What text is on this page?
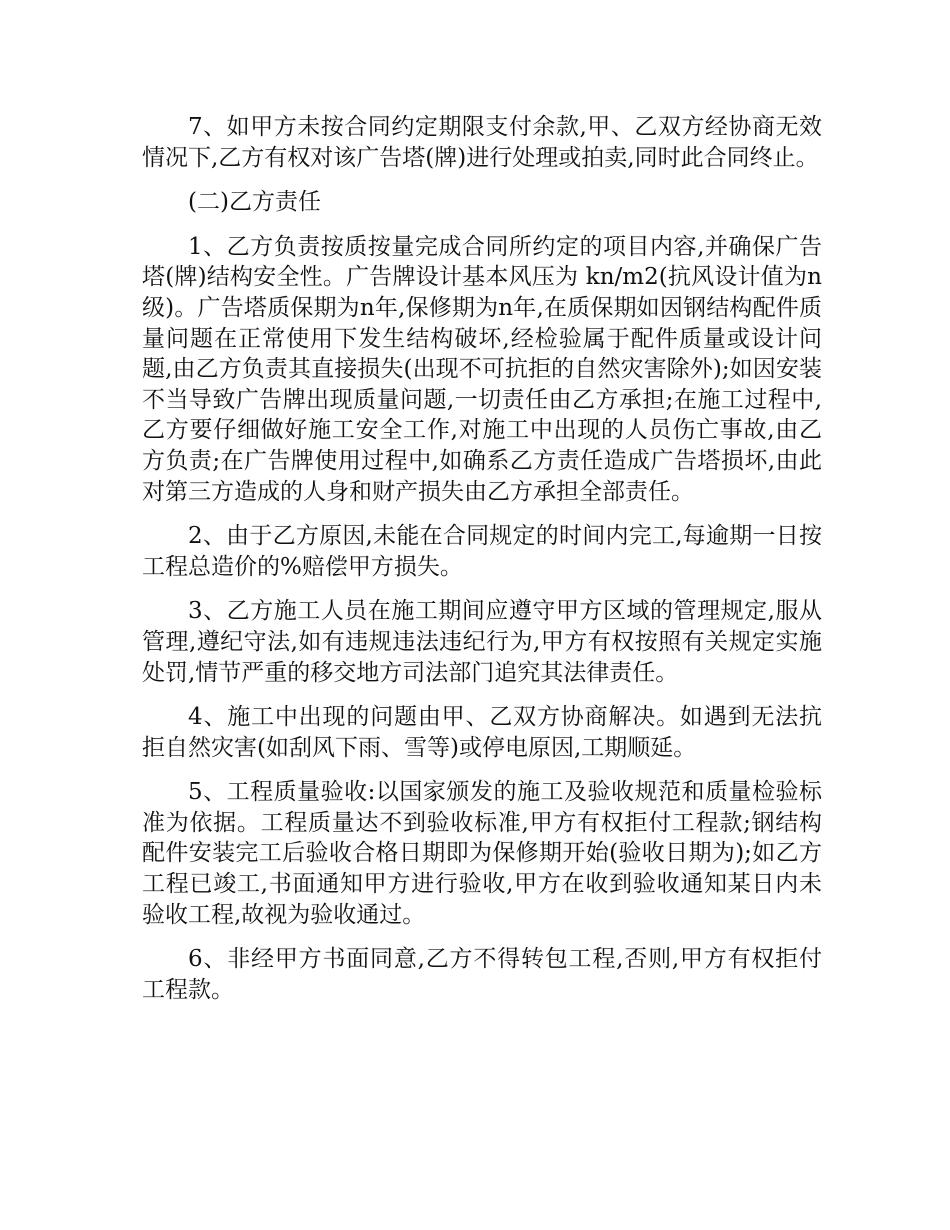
7、如甲方未按合同约定期限支付余款,甲、乙双方经协商无效情况下,乙方有权对该广告塔(牌)进行处理或拍卖,同时此合同终止。

(二)乙方责任

1、乙方负责按质按量完成合同所约定的项目内容,并确保广告塔(牌)结构安全性。广告牌设计基本风压为 kn/m2(抗风设计值为n级)。广告塔质保期为n年,保修期为n年,在质保期如因钢结构配件质量问题在正常使用下发生结构破坏,经检验属于配件质量或设计问题,由乙方负责其直接损失(出现不可抗拒的自然灾害除外);如因安装不当导致广告牌出现质量问题,一切责任由乙方承担;在施工过程中,乙方要仔细做好施工安全工作,对施工中出现的人员伤亡事故,由乙方负责;在广告牌使用过程中,如确系乙方责任造成广告塔损坏,由此对第三方造成的人身和财产损失由乙方承担全部责任。

2、由于乙方原因,未能在合同规定的时间内完工,每逾期一日按工程总造价的%赔偿甲方损失。

3、乙方施工人员在施工期间应遵守甲方区域的管理规定,服从管理,遵纪守法,如有违规违法违纪行为,甲方有权按照有关规定实施处罚,情节严重的移交地方司法部门追究其法律责任。

4、施工中出现的问题由甲、乙双方协商解决。如遇到无法抗拒自然灾害(如刮风下雨、雪等)或停电原因,工期顺延。

5、工程质量验收:以国家颁发的施工及验收规范和质量检验标准为依据。工程质量达不到验收标准,甲方有权拒付工程款;钢结构配件安装完工后验收合格日期即为保修期开始(验收日期为);如乙方工程已竣工,书面通知甲方进行验收,甲方在收到验收通知某日内未验收工程,故视为验收通过。

6、非经甲方书面同意,乙方不得转包工程,否则,甲方有权拒付工程款。
